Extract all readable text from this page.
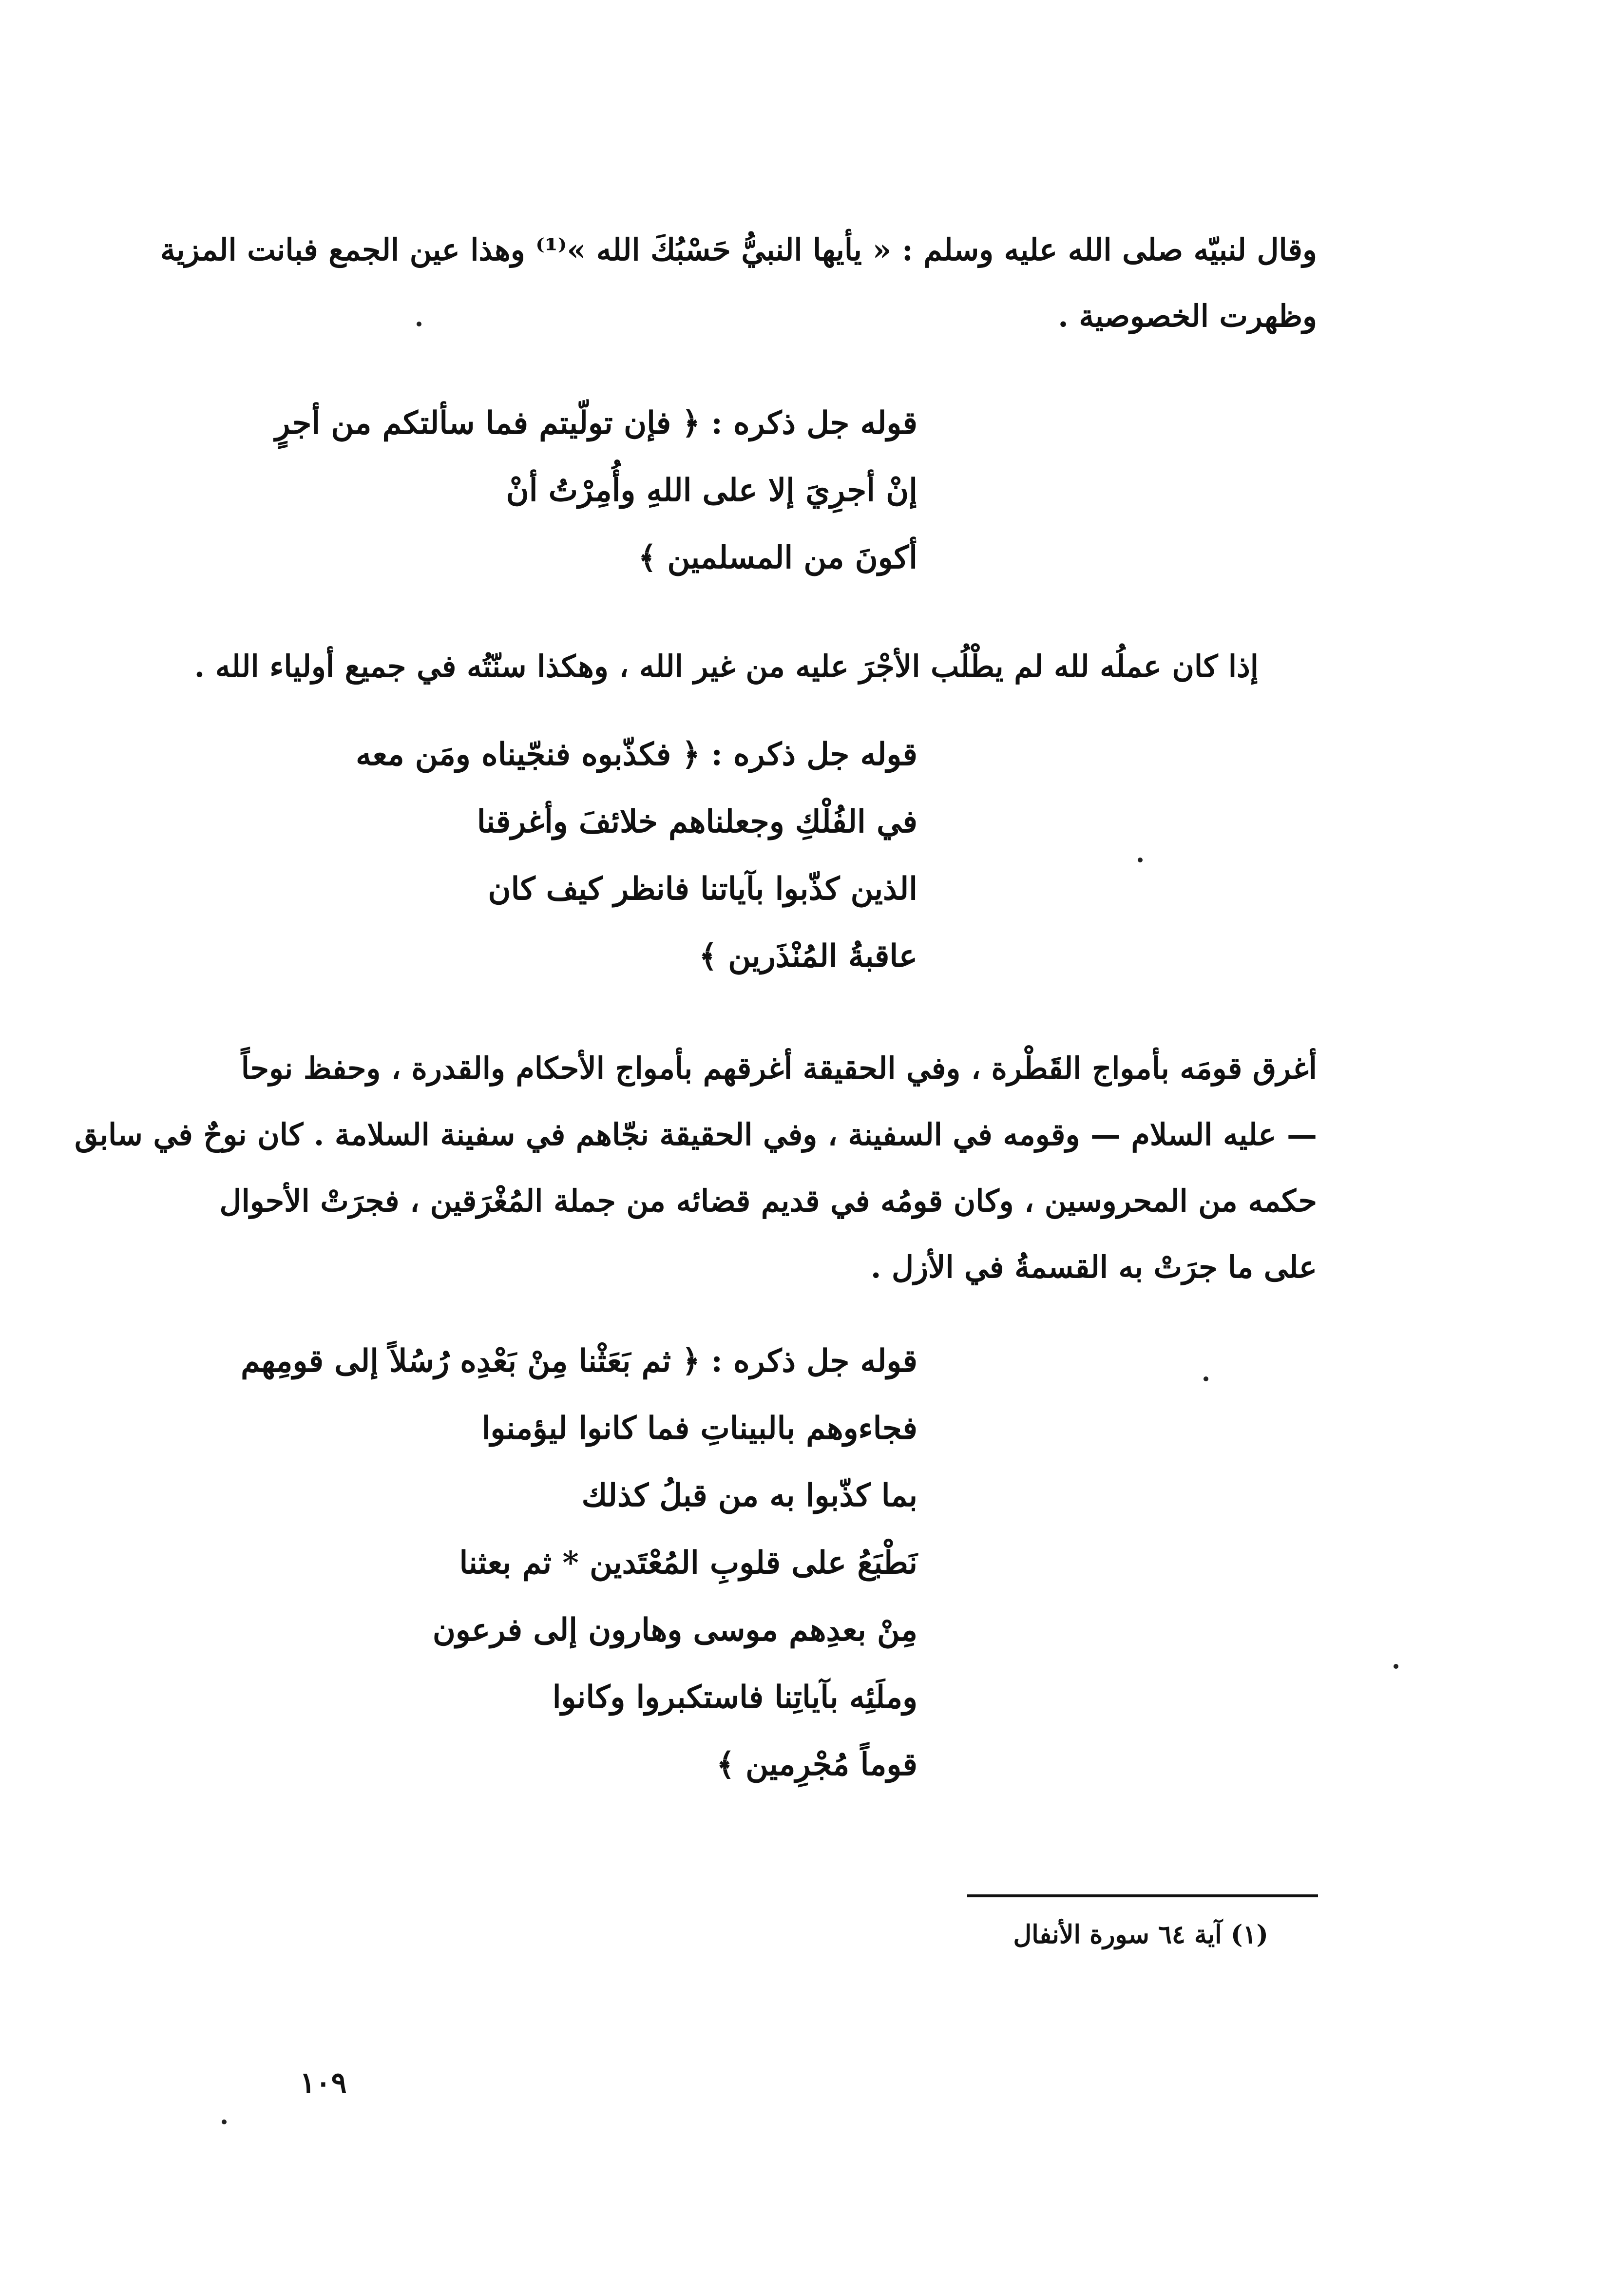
وقال لنبيّه صلى الله عليه وسلم : « يأيها النبيُّ حَسْبُكَ الله »⁽¹⁾ وهذا عين الجمع فبانت المزية
وظهرت الخصوصية .
قوله جل ذكره : ﴿ فإن تولّيتم فما سألتكم من أجرٍ
إنْ أجرِيَ إلا على اللهِ وأُمِرْتُ أنْ
أكونَ من المسلمين ﴾
إذا كان عملُه لله لم يطْلُب الأجْرَ عليه من غير الله ، وهكذا سنّتُه في جميع أولياء الله .
قوله جل ذكره : ﴿ فكذّبوه فنجّيناه ومَن معه
في الفُلْكِ وجعلناهم خلائفَ وأغرقنا
الذين كذّبوا بآياتنا فانظر كيف كان
عاقبةُ المُنْذَرين ﴾
أغرق قومَه بأمواج القَطْرة ، وفي الحقيقة أغرقهم بأمواج الأحكام والقدرة ، وحفظ نوحاً
— عليه السلام — وقومه في السفينة ، وفي الحقيقة نجّاهم في سفينة السلامة . كان نوحٌ في سابق
حكمه من المحروسين ، وكان قومُه في قديم قضائه من جملة المُغْرَقين ، فجرَتْ الأحوال
على ما جرَتْ به القسمةُ في الأزل .
قوله جل ذكره : ﴿ ثم بَعَثْنا مِنْ بَعْدِه رُسُلاً إلى قومِهم
فجاءوهم بالبيناتِ فما كانوا ليؤمنوا
بما كذّبوا به من قبلُ كذلك
نَطْبَعُ على قلوبِ المُعْتَدين * ثم بعثنا
مِنْ بعدِهم موسى وهارون إلى فرعون
وملَئِه بآياتِنا فاستكبروا وكانوا
قوماً مُجْرِمين ﴾
(١) آية ٦٤ سورة الأنفال
١٠٩
